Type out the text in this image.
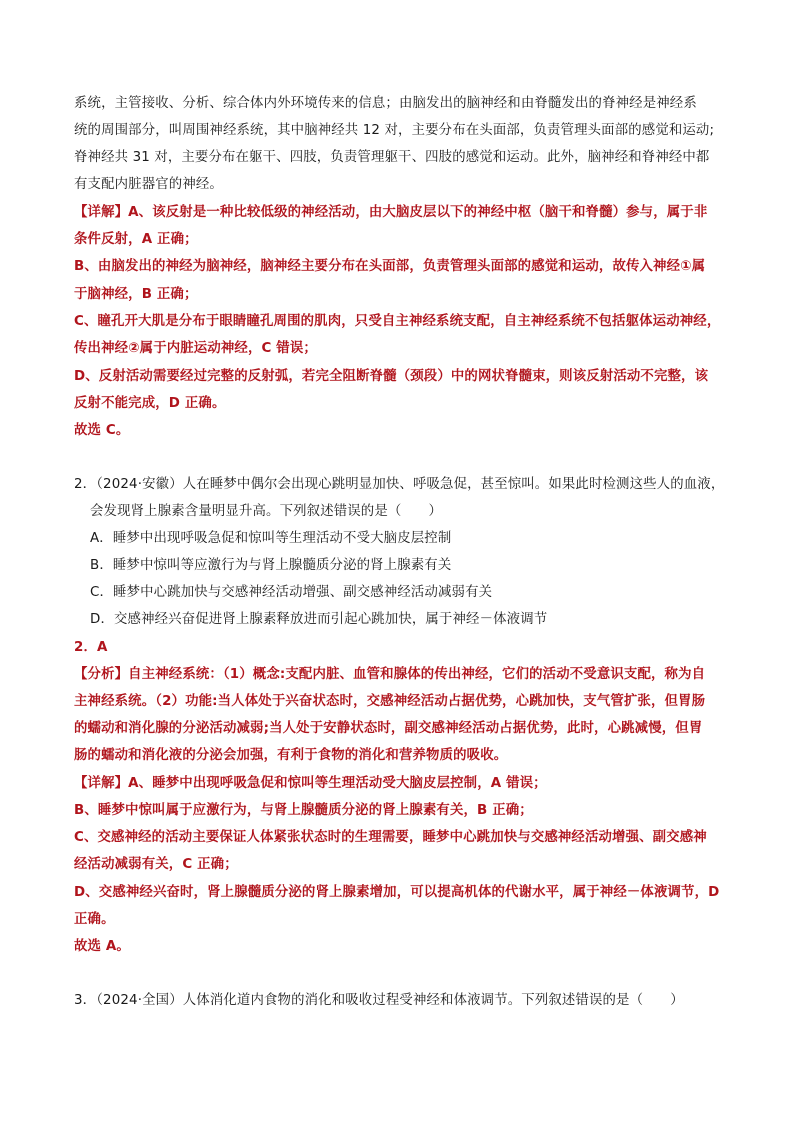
系统，主管接收、分析、综合体内外环境传来的信息；由脑发出的脑神经和由脊髓发出的脊神经是神经系
统的周围部分，叫周围神经系统，其中脑神经共 12 对，主要分布在头面部，负责管理头面部的感觉和运动;
脊神经共 31 对，主要分布在躯干、四肢，负责管理躯干、四肢的感觉和运动。此外，脑神经和脊神经中都
有支配内脏器官的神经。
【详解】A、该反射是一种比较低级的神经活动，由大脑皮层以下的神经中枢（脑干和脊髓）参与，属于非
条件反射，A 正确；
B、由脑发出的神经为脑神经，脑神经主要分布在头面部，负责管理头面部的感觉和运动，故传入神经①属
于脑神经，B 正确；
C、瞳孔开大肌是分布于眼睛瞳孔周围的肌肉，只受自主神经系统支配，自主神经系统不包括躯体运动神经，
传出神经②属于内脏运动神经，C 错误；
D、反射活动需要经过完整的反射弧，若完全阻断脊髓（颈段）中的网状脊髓束，则该反射活动不完整，该
反射不能完成，D 正确。
故选 C。
2．（2024·安徽）人在睡梦中偶尔会出现心跳明显加快、呼吸急促，甚至惊叫。如果此时检测这些人的血液，
会发现肾上腺素含量明显升高。下列叙述错误的是（　　）
A．睡梦中出现呼吸急促和惊叫等生理活动不受大脑皮层控制
B．睡梦中惊叫等应激行为与肾上腺髓质分泌的肾上腺素有关
C．睡梦中心跳加快与交感神经活动增强、副交感神经活动减弱有关
D．交感神经兴奋促进肾上腺素释放进而引起心跳加快，属于神经－体液调节
2．A
【分析】自主神经系统：（1）概念:支配内脏、血管和腺体的传出神经，它们的活动不受意识支配，称为自
主神经系统。（2）功能:当人体处于兴奋状态时，交感神经活动占据优势，心跳加快，支气管扩张，但胃肠
的蠕动和消化腺的分泌活动减弱;当人处于安静状态时，副交感神经活动占据优势，此时，心跳减慢，但胃
肠的蠕动和消化液的分泌会加强，有利于食物的消化和营养物质的吸收。
【详解】A、睡梦中出现呼吸急促和惊叫等生理活动受大脑皮层控制，A 错误；
B、睡梦中惊叫属于应激行为，与肾上腺髓质分泌的肾上腺素有关，B 正确；
C、交感神经的活动主要保证人体紧张状态时的生理需要，睡梦中心跳加快与交感神经活动增强、副交感神
经活动减弱有关，C 正确；
D、交感神经兴奋时，肾上腺髓质分泌的肾上腺素增加，可以提高机体的代谢水平，属于神经－体液调节，D
正确。
故选 A。
3．（2024·全国）人体消化道内食物的消化和吸收过程受神经和体液调节。下列叙述错误的是（　　）
